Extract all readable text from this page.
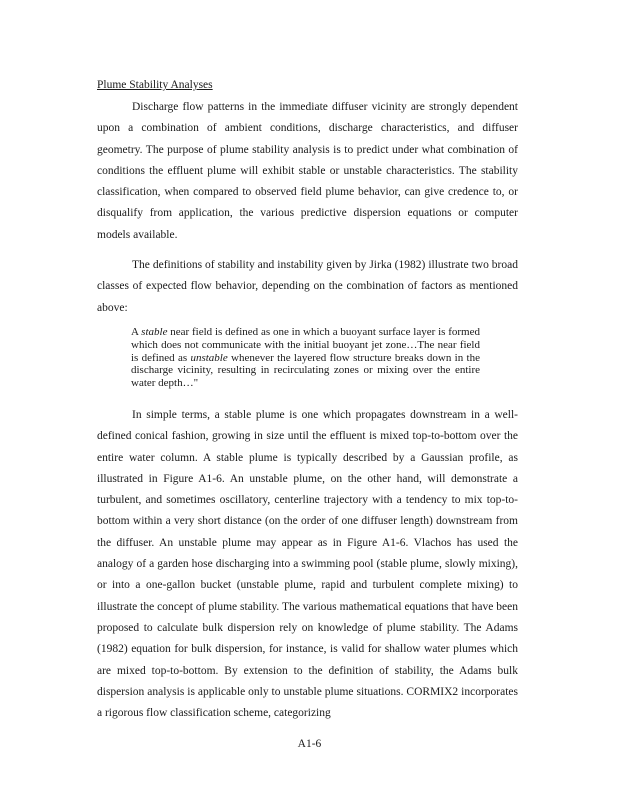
Plume Stability Analyses

Discharge flow patterns in the immediate diffuser vicinity are strongly dependent upon a combination of ambient conditions, discharge characteristics, and diffuser geometry. The purpose of plume stability analysis is to predict under what combination of conditions the effluent plume will exhibit stable or unstable characteristics. The stability classification, when compared to observed field plume behavior, can give credence to, or disqualify from application, the various predictive dispersion equations or computer models available.

The definitions of stability and instability given by Jirka (1982) illustrate two broad classes of expected flow behavior, depending on the combination of factors as mentioned above:

A stable near field is defined as one in which a buoyant surface layer is formed which does not communicate with the initial buoyant jet zone…The near field is defined as unstable whenever the layered flow structure breaks down in the discharge vicinity, resulting in recirculating zones or mixing over the entire water depth…"

In simple terms, a stable plume is one which propagates downstream in a well-defined conical fashion, growing in size until the effluent is mixed top-to-bottom over the entire water column. A stable plume is typically described by a Gaussian profile, as illustrated in Figure A1-6. An unstable plume, on the other hand, will demonstrate a turbulent, and sometimes oscillatory, centerline trajectory with a tendency to mix top-to-bottom within a very short distance (on the order of one diffuser length) downstream from the diffuser. An unstable plume may appear as in Figure A1-6. Vlachos has used the analogy of a garden hose discharging into a swimming pool (stable plume, slowly mixing), or into a one-gallon bucket (unstable plume, rapid and turbulent complete mixing) to illustrate the concept of plume stability. The various mathematical equations that have been proposed to calculate bulk dispersion rely on knowledge of plume stability. The Adams (1982) equation for bulk dispersion, for instance, is valid for shallow water plumes which are mixed top-to-bottom. By extension to the definition of stability, the Adams bulk dispersion analysis is applicable only to unstable plume situations. CORMIX2 incorporates a rigorous flow classification scheme, categorizing

A1-6
